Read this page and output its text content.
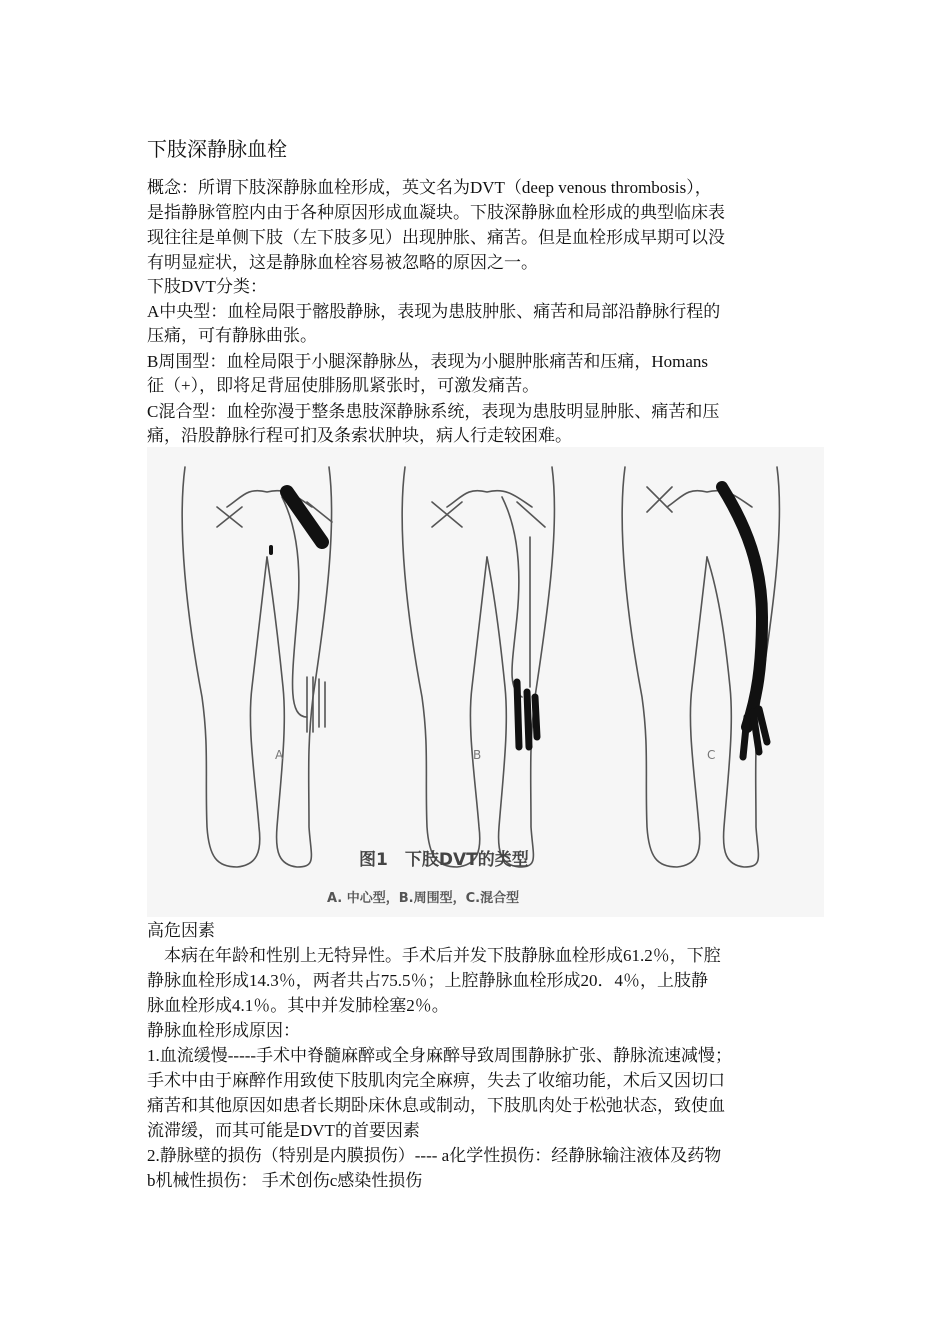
下肢深静脉血栓
概念：所谓下肢深静脉血栓形成，英文名为DVT（deep venous thrombosis），
是指静脉管腔内由于各种原因形成血凝块。下肢深静脉血栓形成的典型临床表
现往往是单侧下肢（左下肢多见）出现肿胀、痛苦。但是血栓形成早期可以没
有明显症状，这是静脉血栓容易被忽略的原因之一。
下肢DVT分类：
A中央型：血栓局限于髂股静脉，表现为患肢肿胀、痛苦和局部沿静脉行程的
压痛，可有静脉曲张。
B周围型：血栓局限于小腿深静脉丛，表现为小腿肿胀痛苦和压痛，Homans
征（+），即将足背屈使腓肠肌紧张时，可激发痛苦。
C混合型：血栓弥漫于整条患肢深静脉系统，表现为患肢明显肿胀、痛苦和压
痛，沿股静脉行程可扪及条索状肿块，病人行走较困难。
A	B	C
图1　下肢DVT的类型
A. 中心型，B.周围型，C.混合型
高危因素
　本病在年龄和性别上无特异性。手术后并发下肢静脉血栓形成61.2％，下腔
静脉血栓形成14.3％，两者共占75.5％；上腔静脉血栓形成20．4％，上肢静
脉血栓形成4.1％。其中并发肺栓塞2％。
静脉血栓形成原因：
1.血流缓慢-----手术中脊髓麻醉或全身麻醉导致周围静脉扩张、静脉流速减慢；
手术中由于麻醉作用致使下肢肌肉完全麻痹，失去了收缩功能，术后又因切口
痛苦和其他原因如患者长期卧床休息或制动，下肢肌肉处于松弛状态，致使血
流滞缓，而其可能是DVT的首要因素
2.静脉壁的损伤（特别是内膜损伤）---- a化学性损伤：经静脉输注液体及药物
b机械性损伤： 手术创伤c感染性损伤
